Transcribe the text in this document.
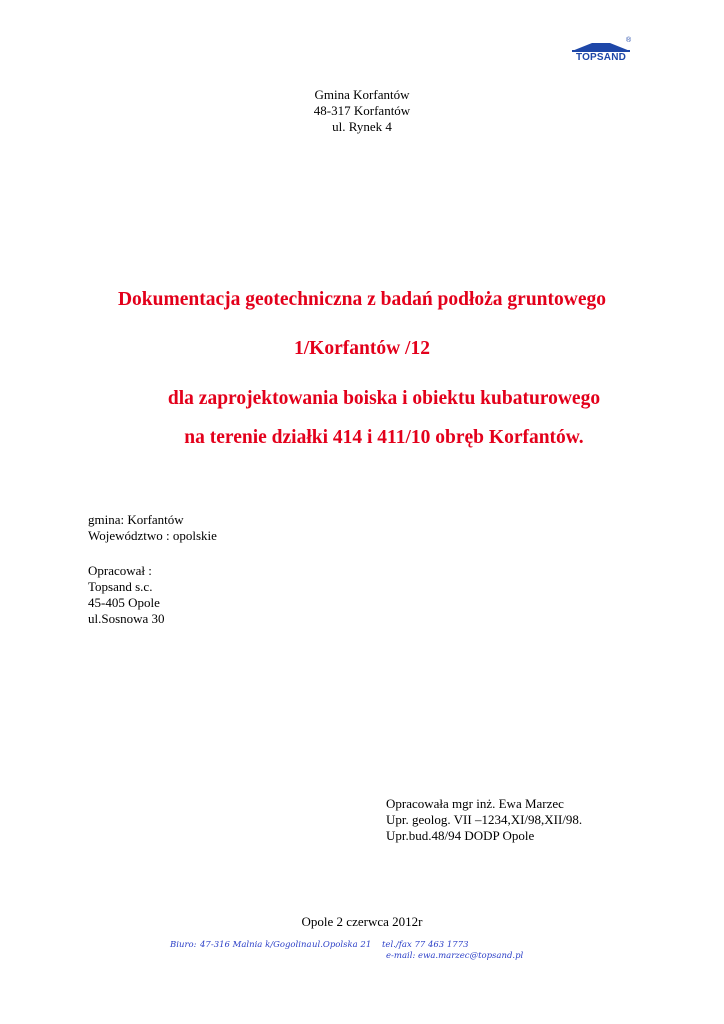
®
TOPSAND
Gmina Korfantów
48-317 Korfantów
ul. Rynek 4
Dokumentacja geotechniczna z badań podłoża gruntowego
1/Korfantów /12
dla zaprojektowania boiska i obiektu kubaturowego
na terenie działki 414 i 411/10 obręb Korfantów.
gmina: Korfantów
Województwo : opolskie
Opracował :
Topsand s.c.
45-405 Opole
ul.Sosnowa 30
Opracowała mgr inż. Ewa Marzec
Upr. geolog. VII –1234,XI/98,XII/98.
Upr.bud.48/94 DODP Opole
Opole 2 czerwca 2012r
Biuro: 47-316 Malnia k/Gogolina ul.Opolska 21 tel./fax 77 463 1773
e-mail: ewa.marzec@topsand.pl
